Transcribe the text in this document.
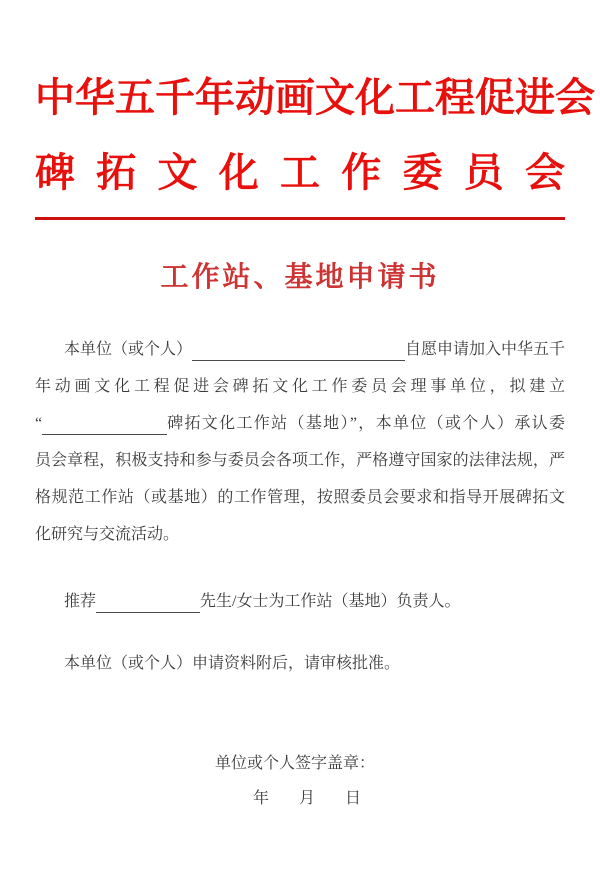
中华五千年动画文化工程促进会
碑拓文化工作委员会
工作站、基地申请书
本单位（或个人）	自愿申请加入中华五千
年动画文化工程促进会碑拓文化工作委员会理事单位，拟建立
“	碑拓文化工作站（基地）”，本单位（或个人）承认委
员会章程，积极支持和参与委员会各项工作，严格遵守国家的法律法规，严
格规范工作站（或基地）的工作管理，按照委员会要求和指导开展碑拓文
化研究与交流活动。
推荐	先生/女士为工作站（基地）负责人。
本单位（或个人）申请资料附后，请审核批准。
单位或个人签字盖章：
年 月 日
